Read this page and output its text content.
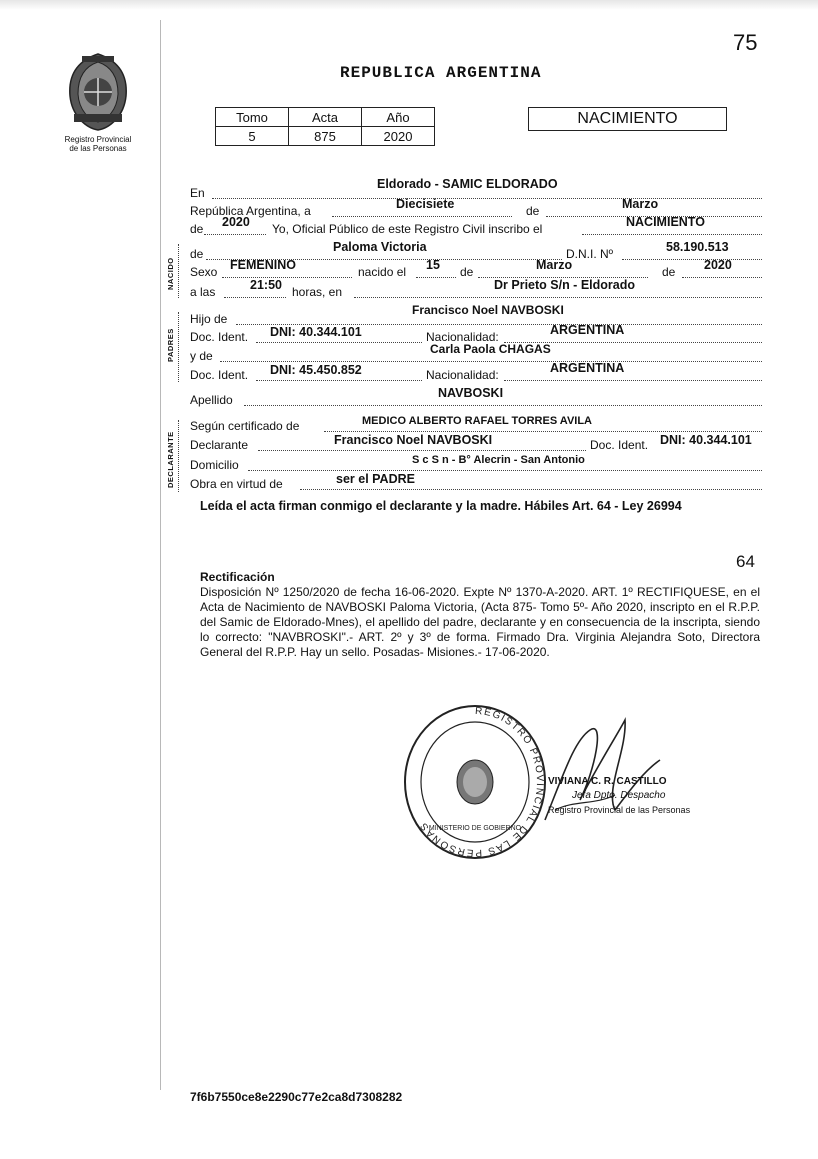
75
Registro Provincial
de las Personas
REPUBLICA ARGENTINA
Tomo	Acta	Año
5	875	2020
NACIMIENTO
NACIDO
PADRES
DECLARANTE
En
Eldorado - SAMIC ELDORADO
República Argentina, a	Diecisiete	de	Marzo
de 2020 Yo, Oficial Público de este Registro Civil inscribo el	NACIMIENTO
de	Paloma Victoria	D.N.I. Nº	58.190.513
Sexo FEMENINO	nacido el 15 de	Marzo	de 2020
a las	21:50 horas, en	Dr Prieto S/n - Eldorado
Hijo de
Francisco Noel NAVBOSKI
Doc. Ident. DNI: 40.344.101	Nacionalidad:	ARGENTINA
y de	Carla Paola CHAGAS
Doc. Ident. DNI: 45.450.852	Nacionalidad:	ARGENTINA
Apellido	NAVBOSKI
Según certificado de	MEDICO ALBERTO RAFAEL TORRES AVILA
Declarante	Francisco Noel NAVBOSKI	Doc. Ident. DNI: 40.344.101
Domicilio	S c S n - B° Alecrin - San Antonio
Obra en virtud de	ser el PADRE
Leída el acta firman conmigo el declarante y la madre. Hábiles Art. 64 - Ley 26994
64
Rectificación
Disposición Nº 1250/2020 de fecha 16-06-2020. Expte Nº 1370-A-2020. ART. 1º RECTIFIQUESE, en el Acta de Nacimiento de NAVBOSKI Paloma Victoria, (Acta 875- Tomo 5º- Año 2020, inscripto en el R.P.P. del Samic de Eldorado-Mnes), el apellido del padre, declarante y en consecuencia de la inscripta, siendo lo correcto: "NAVBROSKI".- ART. 2º y 3º de forma. Firmado Dra. Virginia Alejandra Soto, Directora General del R.P.P. Hay un sello. Posadas- Misiones.- 17-06-2020.
REGISTRO PROVINCIAL DE LAS PERSONAS
MINISTERIO DE GOBIERNO
VIVIANA C. R. CASTILLO
Jefa Dpto. Despacho
Registro Provincial de las Personas
7f6b7550ce8e2290c77e2ca8d7308282
